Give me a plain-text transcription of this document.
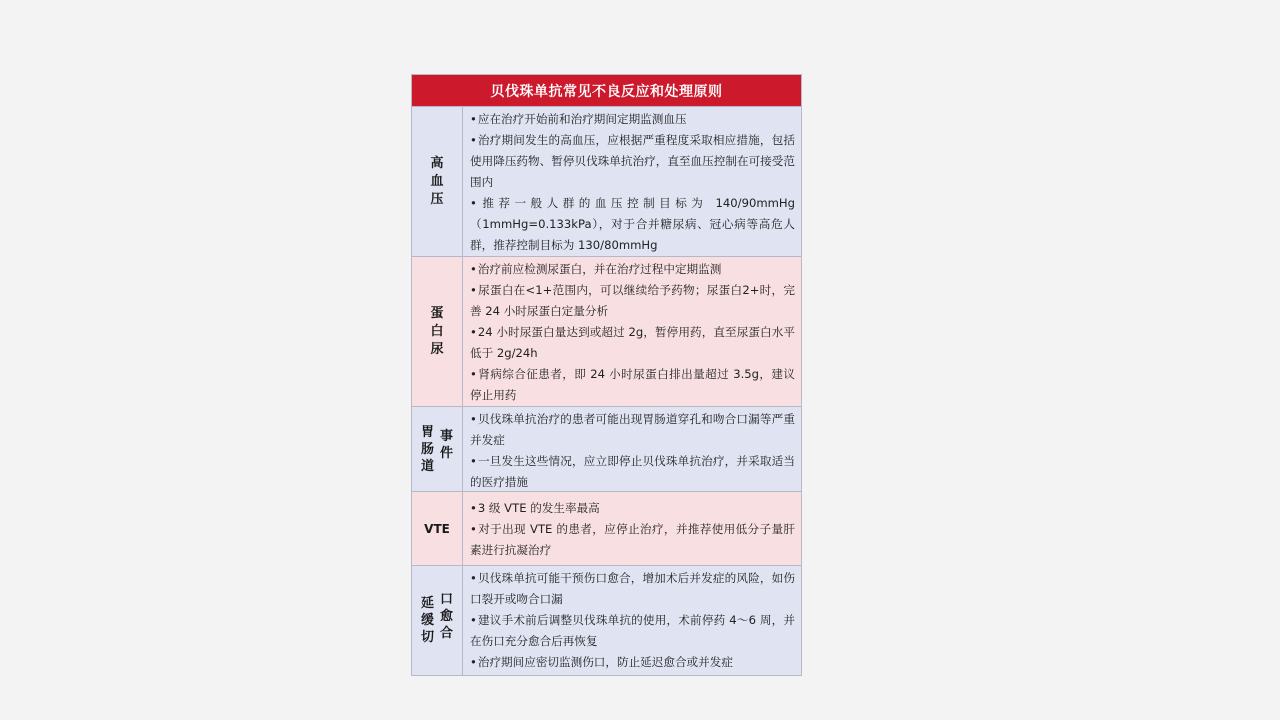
贝伐珠单抗常见不良反应和处理原则
高血压
•应在治疗开始前和治疗期间定期监测血压
•治疗期间发生的高血压，应根据严重程度采取相应措施，包括使用降压药物、暂停贝伐珠单抗治疗，直至血压控制在可接受范围内
•推荐一般人群的血压控制目标为 140/90mmHg（1mmHg=0.133kPa），对于合并糖尿病、冠心病等高危人群，推荐控制目标为 130/80mmHg
蛋白尿
•治疗前应检测尿蛋白，并在治疗过程中定期监测
•尿蛋白在<1+范围内，可以继续给予药物；尿蛋白2+时，完善 24 小时尿蛋白定量分析
•24 小时尿蛋白量达到或超过 2g，暂停用药，直至尿蛋白水平低于 2g/24h
•肾病综合征患者，即 24 小时尿蛋白排出量超过 3.5g，建议停止用药
胃肠道
事件
•贝伐珠单抗治疗的患者可能出现胃肠道穿孔和吻合口漏等严重并发症
•一旦发生这些情况，应立即停止贝伐珠单抗治疗，并采取适当的医疗措施
VTE
•3 级 VTE 的发生率最高
•对于出现 VTE 的患者，应停止治疗，并推荐使用低分子量肝素进行抗凝治疗
延缓切
口愈合
•贝伐珠单抗可能干预伤口愈合，增加术后并发症的风险，如伤口裂开或吻合口漏
•建议手术前后调整贝伐珠单抗的使用，术前停药 4～6 周，并在伤口充分愈合后再恢复
•治疗期间应密切监测伤口，防止延迟愈合或并发症
